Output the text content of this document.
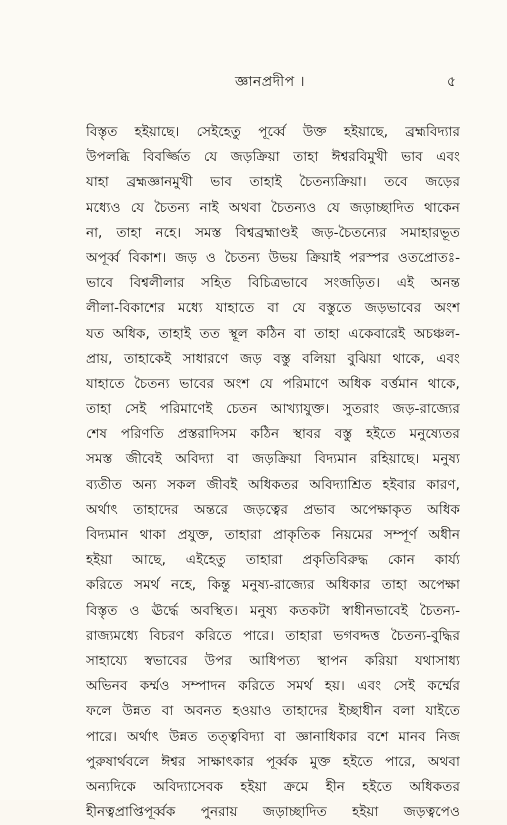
জ্ঞানপ্রদীপ ।	৫
বিস্তৃত হইয়াছে। সেইহেতু পূর্ব্বে উক্ত হইয়াছে, ব্রহ্মবিদ্যার
উপলব্ধি বিবর্জ্জিত যে জড়ক্রিয়া তাহা ঈশ্বরবিমুখী ভাব এবং
যাহা ব্রহ্মজ্ঞানমুখী ভাব তাহাই চৈতন্যক্রিয়া। তবে জড়ের
মধ্যেও যে চৈতন্য নাই অথবা চৈতন্যও যে জড়াচ্ছাদিত থাকেন
না, তাহা নহে। সমস্ত বিশ্বব্রহ্মাণ্ডই জড়-চৈতন্যের সমাহারভূত
অপূর্ব্ব বিকাশ। জড় ও চৈতন্য উভয় ক্রিয়াই পরস্পর ওতপ্রোতঃ-
ভাবে বিশ্বলীলার সহিত বিচিত্রভাবে সংজড়িত। এই অনন্ত
লীলা-বিকাশের মধ্যে যাহাতে বা যে বস্তুতে জড়ভাবের অংশ
যত অধিক, তাহাই তত স্থূল কঠিন বা তাহা একেবারেই অচঞ্চল-
প্রায়, তাহাকেই সাধারণে জড় বস্তু বলিয়া বুঝিয়া থাকে, এবং
যাহাতে চৈতন্য ভাবের অংশ যে পরিমাণে অধিক বর্ত্তমান থাকে,
তাহা সেই পরিমাণেই চেতন আখ্যাযুক্ত। সুতরাং জড়-রাজ্যের
শেষ পরিণতি প্রস্তরাদিসম কঠিন স্থাবর বস্তু হইতে মনুষ্যেতর
সমস্ত জীবেই অবিদ্যা বা জড়ক্রিয়া বিদ্যমান রহিয়াছে। মনুষ্য
ব্যতীত অন্য সকল জীবই অধিকতর অবিদ্যাশ্রিত হইবার কারণ,
অর্থাৎ তাহাদের অন্তরে জড়ত্বের প্রভাব অপেক্ষাকৃত অধিক
বিদ্যমান থাকা প্রযুক্ত, তাহারা প্রাকৃতিক নিয়মের সম্পূর্ণ অধীন
হইয়া আছে, এইহেতু তাহারা প্রকৃতিবিরুদ্ধ কোন কার্য্য
করিতে সমর্থ নহে, কিন্তু মনুষ্য-রাজ্যের অধিকার তাহা অপেক্ষা
বিস্তৃত ও ঊর্দ্ধে অবস্থিত। মনুষ্য কতকটা স্বাধীনভাবেই চৈতন্য-
রাজ্যমধ্যে বিচরণ করিতে পারে। তাহারা ভগবদ্দত্ত চৈতন্য-বুদ্ধির
সাহায্যে স্বভাবের উপর আধিপত্য স্থাপন করিয়া যথাসাধ্য
অভিনব কর্ম্মও সম্পাদন করিতে সমর্থ হয়। এবং সেই কর্ম্মের
ফলে উন্নত বা অবনত হওয়াও তাহাদের ইচ্ছাধীন বলা যাইতে
পারে। অর্থাৎ উন্নত তত্ত্ববিদ্যা বা জ্ঞানাধিকার বশে মানব নিজ
পুরুষার্থবলে ঈশ্বর সাক্ষাৎকার পূর্ব্বক মুক্ত হইতে পারে, অথবা
অন্যদিকে অবিদ্যাসেবক হইয়া ক্রমে হীন হইতে অধিকতর
হীনত্বপ্রাপ্তিপূর্ব্বক পুনরায় জড়াচ্ছাদিত হইয়া জড়ত্বপেও
